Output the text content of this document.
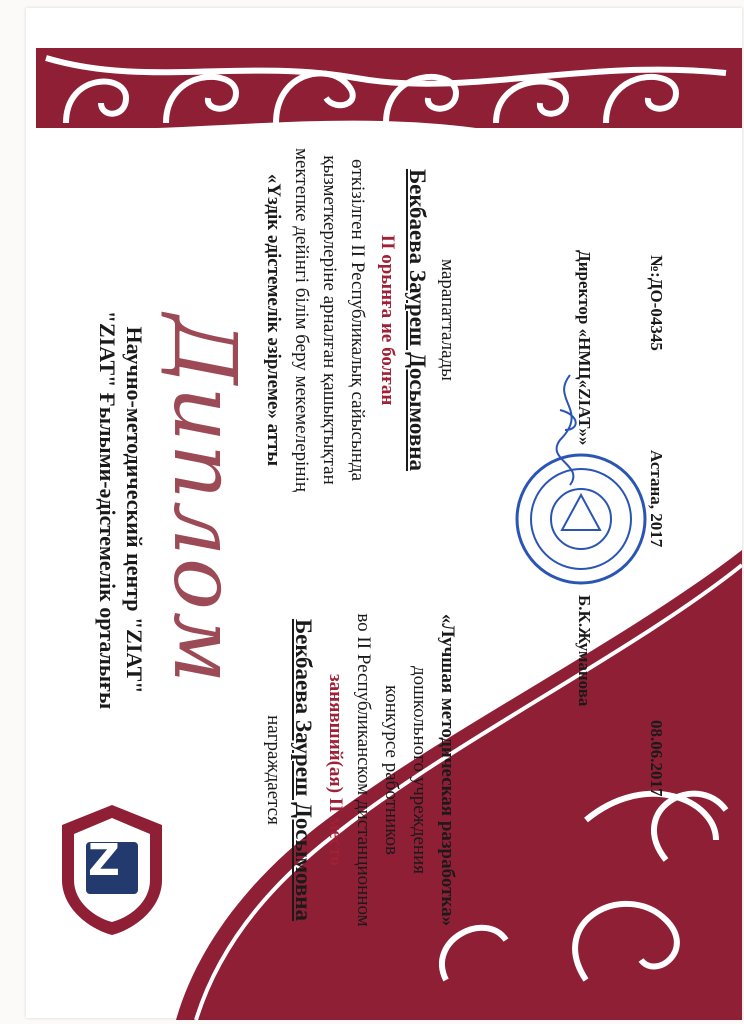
Z
"ZIAT" Ғылыми-әдістемелік орталығы Научно-методический центр "ZIAT" Диплом «Үздік әдістемелік әзірлеме» атты мектепке дейінгі білім беру мекемелерінің қызметкерлеріне арналған қашықтықтан өткізілген II Республикалық сайысында II орынға ие болған Бекбаева Зауреш Досымовна марапатталады
награждается Бекбаева Зауреш Досымовна занявший(ая) II место во II Республиканском дистанционном конкурсе работников дошкольного учреждения «Лучшая методическая разработка»
Директор «НМЦ«ZIAT»»
Б.К.Жуманова
№:ДО-04345
Астана, 2017
08.06.2017
